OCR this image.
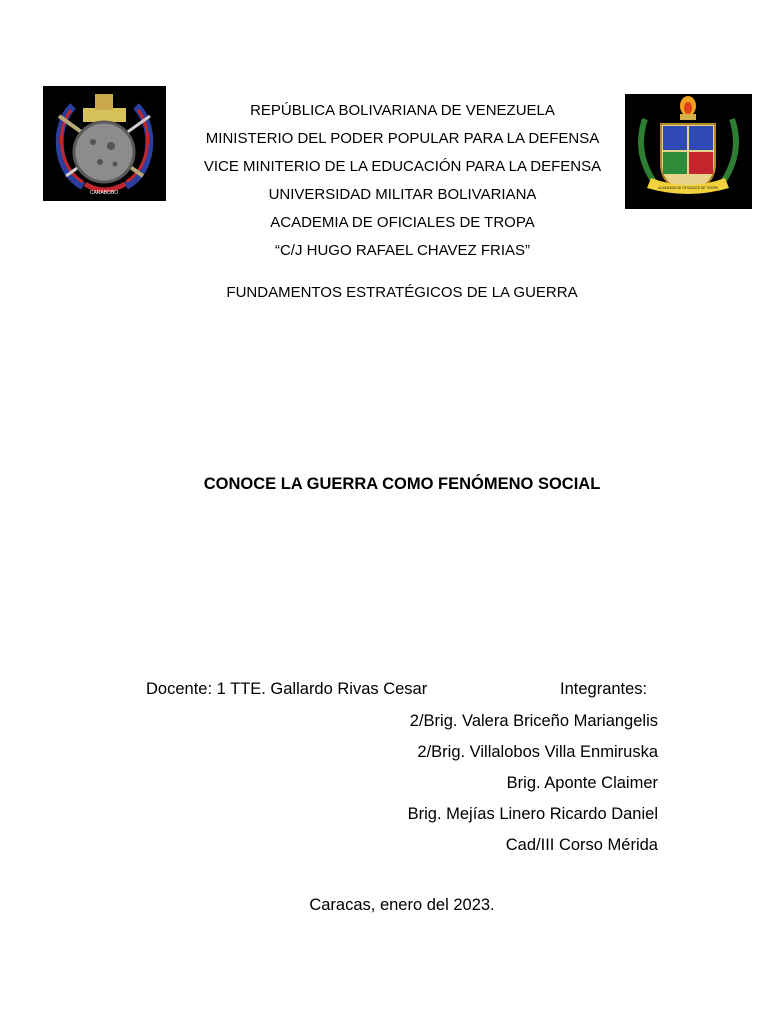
CARABOBO
ACADEMIA DE OFICIALES DE TROPA
REPÚBLICA BOLIVARIANA DE VENEZUELA
MINISTERIO DEL PODER POPULAR PARA LA DEFENSA
VICE MINITERIO DE LA EDUCACIÓN PARA LA DEFENSA
UNIVERSIDAD MILITAR BOLIVARIANA
ACADEMIA DE OFICIALES DE TROPA
“C/J HUGO RAFAEL CHAVEZ FRIAS”
FUNDAMENTOS ESTRATÉGICOS DE LA GUERRA
CONOCE LA GUERRA COMO FENÓMENO SOCIAL
Docente: 1 TTE. Gallardo Rivas Cesar	Integrantes:
2/Brig. Valera Briceño Mariangelis
2/Brig. Villalobos Villa Enmiruska
Brig. Aponte Claimer
Brig. Mejías Linero Ricardo Daniel
Cad/III Corso Mérida
Caracas, enero del 2023.
